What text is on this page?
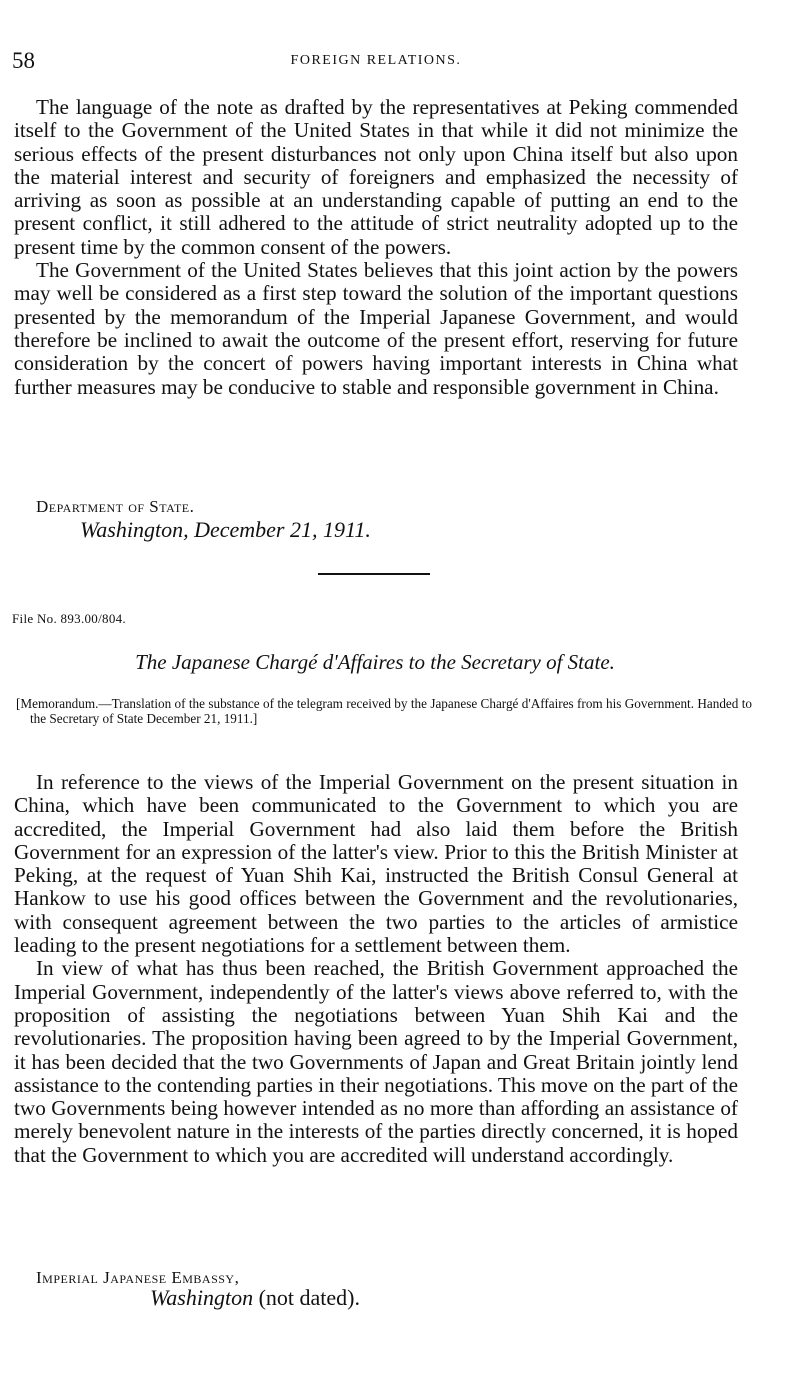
58	FOREIGN RELATIONS.

The language of the note as drafted by the representatives at Peking commended itself to the Government of the United States in that while it did not minimize the serious effects of the present disturbances not only upon China itself but also upon the material interest and security of foreigners and emphasized the necessity of arriving as soon as possible at an understanding capable of putting an end to the present conflict, it still adhered to the attitude of strict neutrality adopted up to the present time by the common consent of the powers.

The Government of the United States believes that this joint action by the powers may well be considered as a first step toward the solution of the important questions presented by the memorandum of the Imperial Japanese Government, and would therefore be inclined to await the outcome of the present effort, reserving for future consideration by the concert of powers having important interests in China what further measures may be conducive to stable and responsible government in China.

Department of State.
Washington, December 21, 1911.
File No. 893.00/804.
The Japanese Chargé d'Affaires to the Secretary of State.
[Memorandum.—Translation of the substance of the telegram received by the Japanese Chargé d'Affaires from his Government. Handed to the Secretary of State December 21, 1911.]

In reference to the views of the Imperial Government on the present situation in China, which have been communicated to the Government to which you are accredited, the Imperial Government had also laid them before the British Government for an expression of the latter's view. Prior to this the British Minister at Peking, at the request of Yuan Shih Kai, instructed the British Consul General at Hankow to use his good offices between the Government and the revolutionaries, with consequent agreement between the two parties to the articles of armistice leading to the present negotiations for a settlement between them.

In view of what has thus been reached, the British Government approached the Imperial Government, independently of the latter's views above referred to, with the proposition of assisting the negotiations between Yuan Shih Kai and the revolutionaries. The proposition having been agreed to by the Imperial Government, it has been decided that the two Governments of Japan and Great Britain jointly lend assistance to the contending parties in their negotiations. This move on the part of the two Governments being however intended as no more than affording an assistance of merely benevolent nature in the interests of the parties directly concerned, it is hoped that the Government to which you are accredited will understand accordingly.

Imperial Japanese Embassy,
Washington (not dated).
